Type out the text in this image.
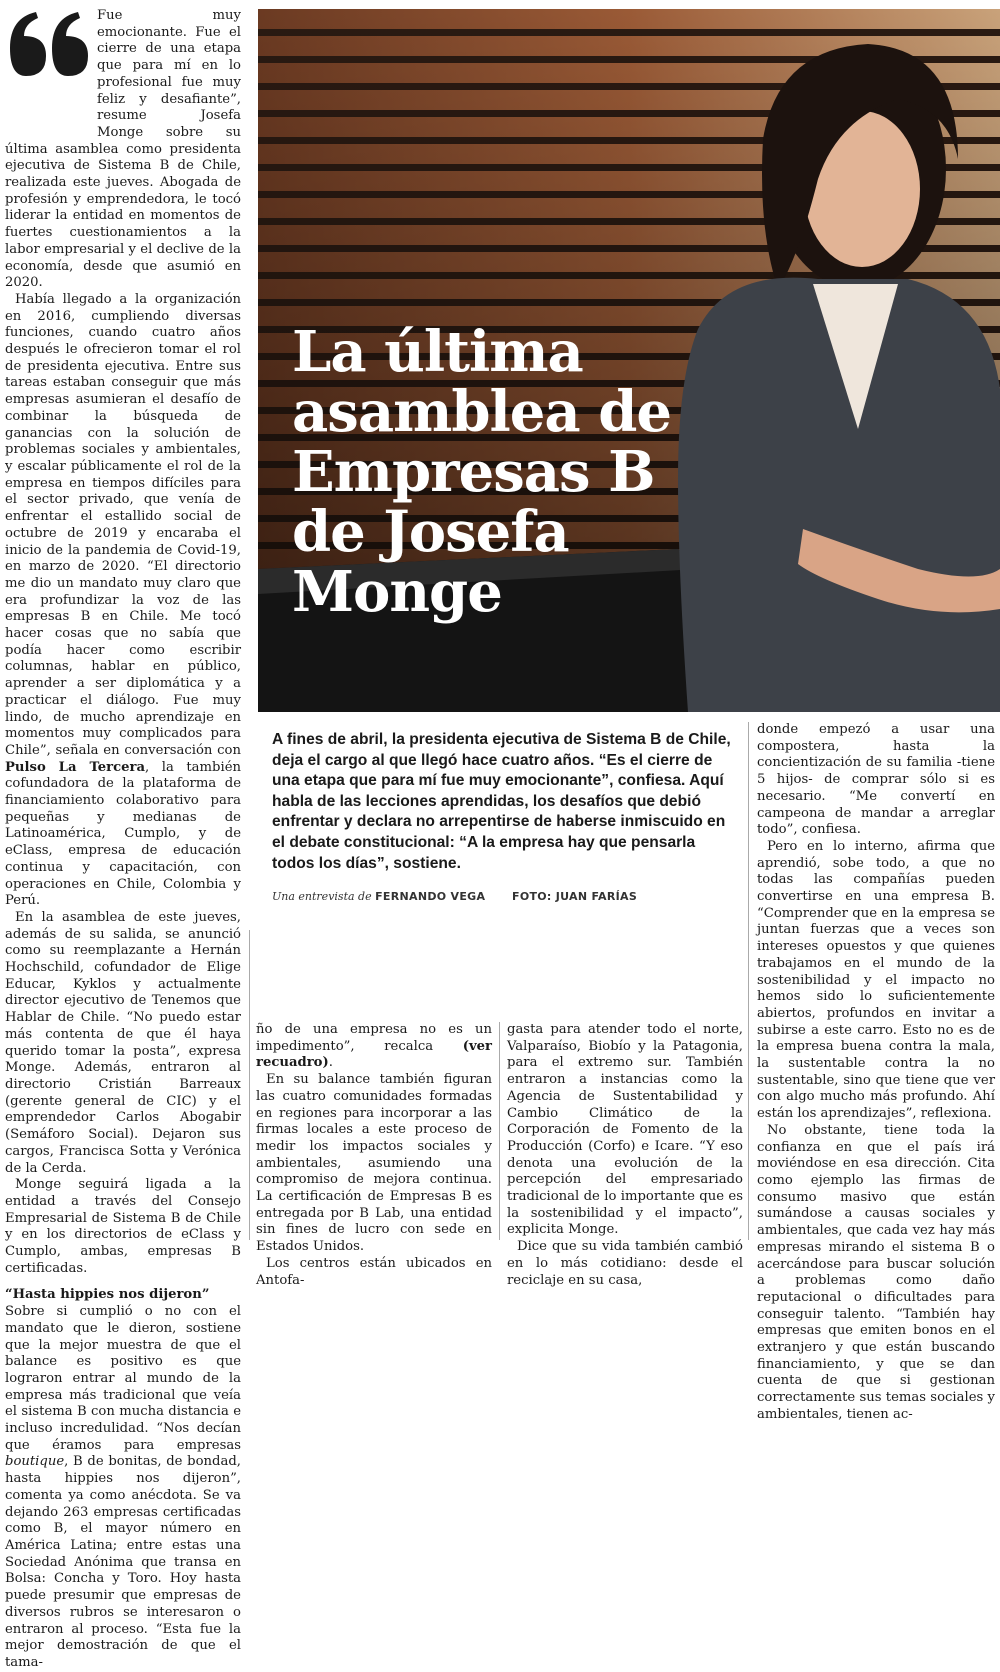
Fue muy emocionante. Fue el cierre de una etapa que para mí en lo profesional fue muy feliz y desafiante”, resume Josefa Monge sobre su última asamblea como presidenta ejecutiva de Sistema B de Chile, realizada este jueves. Abogada de profesión y emprendedora, le tocó liderar la entidad en momentos de fuertes cuestionamientos a la labor empresarial y el declive de la economía, desde que asumió en 2020.

Había llegado a la organización en 2016, cumpliendo diversas funciones, cuando cuatro años después le ofrecieron tomar el rol de presidenta ejecutiva. Entre sus tareas estaban conseguir que más empresas asumieran el desafío de combinar la búsqueda de ganancias con la solución de problemas sociales y ambientales, y escalar públicamente el rol de la empresa en tiempos difíciles para el sector privado, que venía de enfrentar el estallido social de octubre de 2019 y encaraba el inicio de la pandemia de Covid-19, en marzo de 2020. “El directorio me dio un mandato muy claro que era profundizar la voz de las empresas B en Chile. Me tocó hacer cosas que no sabía que podía hacer como escribir columnas, hablar en público, aprender a ser diplomática y a practicar el diálogo. Fue muy lindo, de mucho aprendizaje en momentos muy complicados para Chile”, señala en conversación con Pulso La Tercera, la también cofundadora de la plataforma de financiamiento colaborativo para pequeñas y medianas de Latinoamérica, Cumplo, y de eClass, empresa de educación continua y capacitación, con operaciones en Chile, Colombia y Perú.

En la asamblea de este jueves, además de su salida, se anunció como su reemplazante a Hernán Hochschild, cofundador de Elige Educar, Kyklos y actualmente director ejecutivo de Tenemos que Hablar de Chile. “No puedo estar más contenta de que él haya querido tomar la posta”, expresa Monge. Además, entraron al directorio Cristián Barreaux (gerente general de CIC) y el emprendedor Carlos Abogabir (Semáforo Social). Dejaron sus cargos, Francisca Sotta y Verónica de la Cerda.

Monge seguirá ligada a la entidad a través del Consejo Empresarial de Sistema B de Chile y en los directorios de eClass y Cumplo, ambas, empresas B certificadas.

“Hasta hippies nos dijeron”

Sobre si cumplió o no con el mandato que le dieron, sostiene que la mejor muestra de que el balance es positivo es que lograron entrar al mundo de la empresa más tradicional que veía el sistema B con mucha distancia e incluso incredulidad. “Nos decían que éramos para empresas boutique, B de bonitas, de bondad, hasta hippies nos dijeron”, comenta ya como anécdota. Se va dejando 263 empresas certificadas como B, el mayor número en América Latina; entre estas una Sociedad Anónima que transa en Bolsa: Concha y Toro. Hoy hasta puede presumir que empresas de diversos rubros se interesaron o entraron al proceso. “Esta fue la mejor demostración de que el tama-

La última
asamblea de
Empresas B
de Josefa
Monge
A fines de abril, la presidenta ejecutiva de Sistema B de Chile, deja el cargo al que llegó hace cuatro años. “Es el cierre de una etapa que para mí fue muy emocionante”, confiesa. Aquí habla de las lecciones aprendidas, los desafíos que debió enfrentar y declara no arrepentirse de haberse inmiscuido en el debate constitucional: “A la empresa hay que pensarla todos los días”, sostiene.
Una entrevista de FERNANDO VEGA FOTO: JUAN FARÍAS

ño de una empresa no es un impedimento”, recalca (ver recuadro).

En su balance también figuran las cuatro comunidades formadas en regiones para incorporar a las firmas locales a este proceso de medir los impactos sociales y ambientales, asumiendo una compromiso de mejora continua. La certificación de Empresas B es entregada por B Lab, una entidad sin fines de lucro con sede en Estados Unidos.

Los centros están ubicados en Antofa-

gasta para atender todo el norte, Valparaíso, Biobío y la Patagonia, para el extremo sur. También entraron a instancias como la Agencia de Sustentabilidad y Cambio Climático de la Corporación de Fomento de la Producción (Corfo) e Icare. “Y eso denota una evolución de la percepción del empresariado tradicional de lo importante que es la sostenibilidad y el impacto”, explicita Monge.

Dice que su vida también cambió en lo más cotidiano: desde el reciclaje en su casa,

donde empezó a usar una compostera, hasta la concientización de su familia -tiene 5 hijos- de comprar sólo si es necesario. “Me convertí en campeona de mandar a arreglar todo”, confiesa.

Pero en lo interno, afirma que aprendió, sobe todo, a que no todas las compañías pueden convertirse en una empresa B. “Comprender que en la empresa se juntan fuerzas que a veces son intereses opuestos y que quienes trabajamos en el mundo de la sostenibilidad y el impacto no hemos sido lo suficientemente abiertos, profundos en invitar a subirse a este carro. Esto no es de la empresa buena contra la mala, la sustentable contra la no sustentable, sino que tiene que ver con algo mucho más profundo. Ahí están los aprendizajes”, reflexiona.

No obstante, tiene toda la confianza en que el país irá moviéndose en esa dirección. Cita como ejemplo las firmas de consumo masivo que están sumándose a causas sociales y ambientales, que cada vez hay más empresas mirando el sistema B o acercándose para buscar solución a problemas como daño reputacional o dificultades para conseguir talento. “También hay empresas que emiten bonos en el extranjero y que están buscando financiamiento, y que se dan cuenta de que si gestionan correctamente sus temas sociales y ambientales, tienen ac-
